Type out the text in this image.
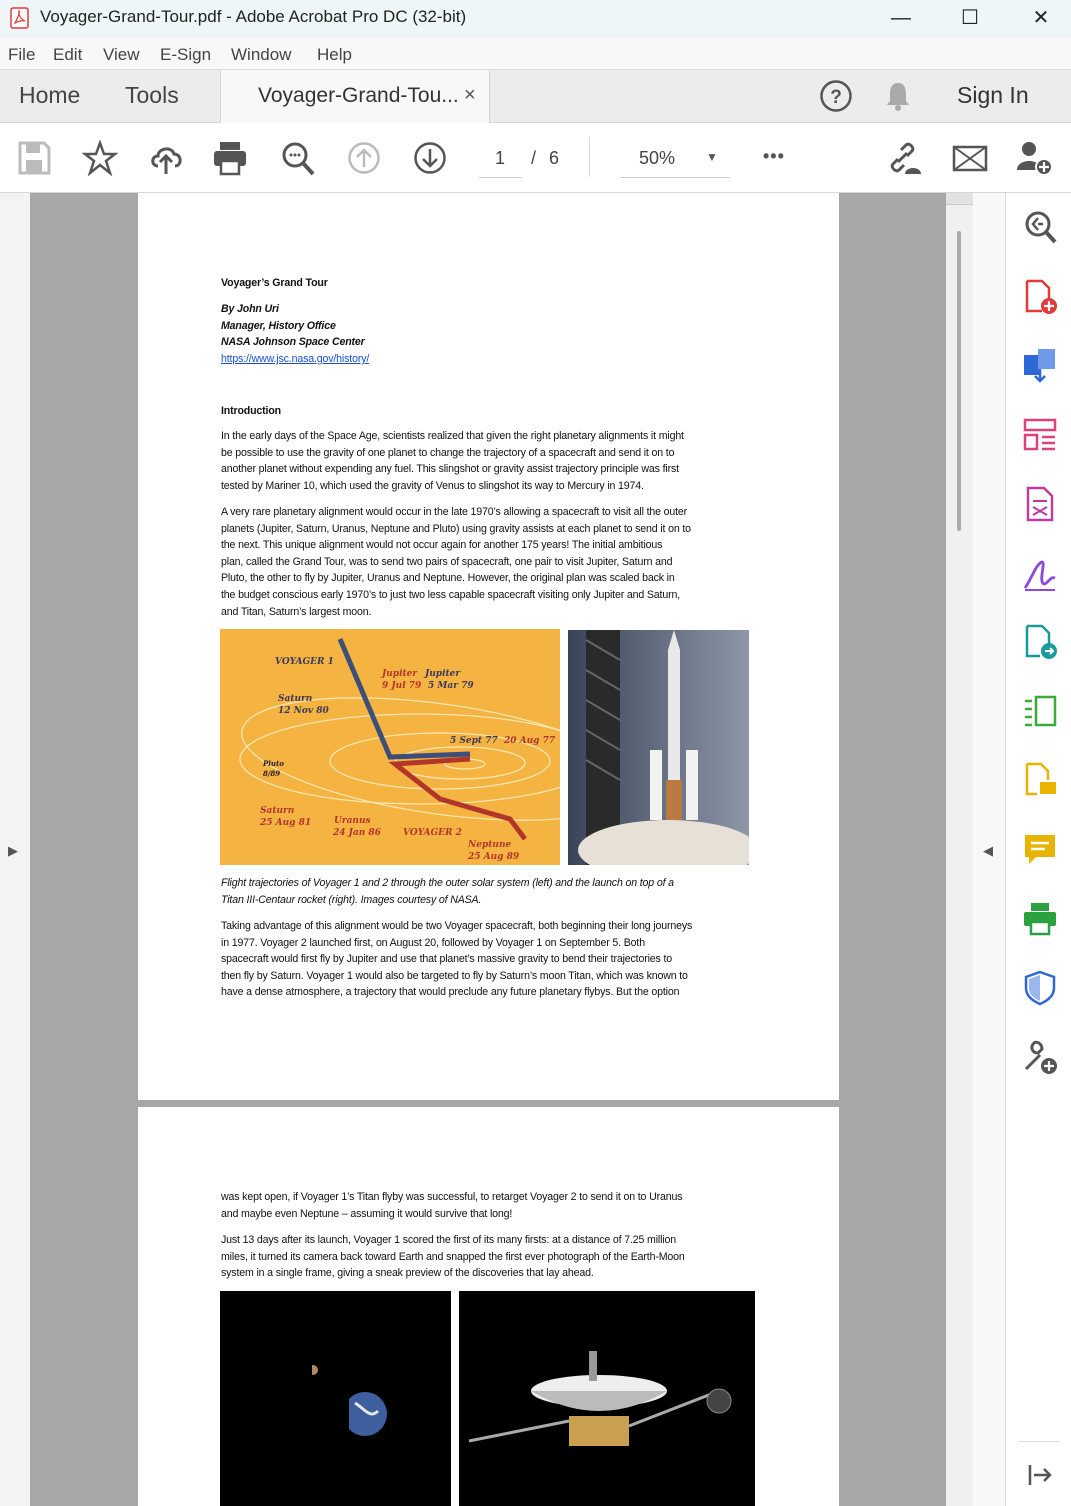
Voyager-Grand-Tour.pdf - Adobe Acrobat Pro DC (32-bit)	—	☐	✕
File Edit View E-Sign Window Help
Home Tools	Voyager-Grand-Tou... ×	?	Sign In
1 / 6	50%	▼	•••
▶
Voyager’s Grand Tour
By John Uri
Manager, History Office
NASA Johnson Space Center
https://www.jsc.nasa.gov/history/
Introduction
In the early days of the Space Age, scientists realized that given the right planetary alignments it might
be possible to use the gravity of one planet to change the trajectory of a spacecraft and send it on to
another planet without expending any fuel. This slingshot or gravity assist trajectory principle was first
tested by Mariner 10, which used the gravity of Venus to slingshot its way to Mercury in 1974.
A very rare planetary alignment would occur in the late 1970’s allowing a spacecraft to visit all the outer
planets (Jupiter, Saturn, Uranus, Neptune and Pluto) using gravity assists at each planet to send it on to
the next. This unique alignment would not occur again for another 175 years! The initial ambitious
plan, called the Grand Tour, was to send two pairs of spacecraft, one pair to visit Jupiter, Saturn and
Pluto, the other to fly by Jupiter, Uranus and Neptune. However, the original plan was scaled back in
the budget conscious early 1970’s to just two less capable spacecraft visiting only Jupiter and Saturn,
and Titan, Saturn’s largest moon.
VOYAGER 1
Jupiter
9 Jul 79
Jupiter
5 Mar 79
Saturn
12 Nov 80
5 Sept 77 20 Aug 77
Pluto
8/89
Saturn
25 Aug 81	Uranus
24 Jan 86 VOYAGER 2
Neptune
25 Aug 89
Flight trajectories of Voyager 1 and 2 through the outer solar system (left) and the launch on top of a
Titan III-Centaur rocket (right). Images courtesy of NASA.
Taking advantage of this alignment would be two Voyager spacecraft, both beginning their long journeys
in 1977. Voyager 2 launched first, on August 20, followed by Voyager 1 on September 5. Both
spacecraft would first fly by Jupiter and use that planet’s massive gravity to bend their trajectories to
then fly by Saturn. Voyager 1 would also be targeted to fly by Saturn’s moon Titan, which was known to
have a dense atmosphere, a trajectory that would preclude any future planetary flybys. But the option
was kept open, if Voyager 1’s Titan flyby was successful, to retarget Voyager 2 to send it on to Uranus
and maybe even Neptune – assuming it would survive that long!
Just 13 days after its launch, Voyager 1 scored the first of its many firsts: at a distance of 7.25 million
miles, it turned its camera back toward Earth and snapped the first ever photograph of the Earth-Moon
system in a single frame, giving a sneak preview of the discoveries that lay ahead.
◀
